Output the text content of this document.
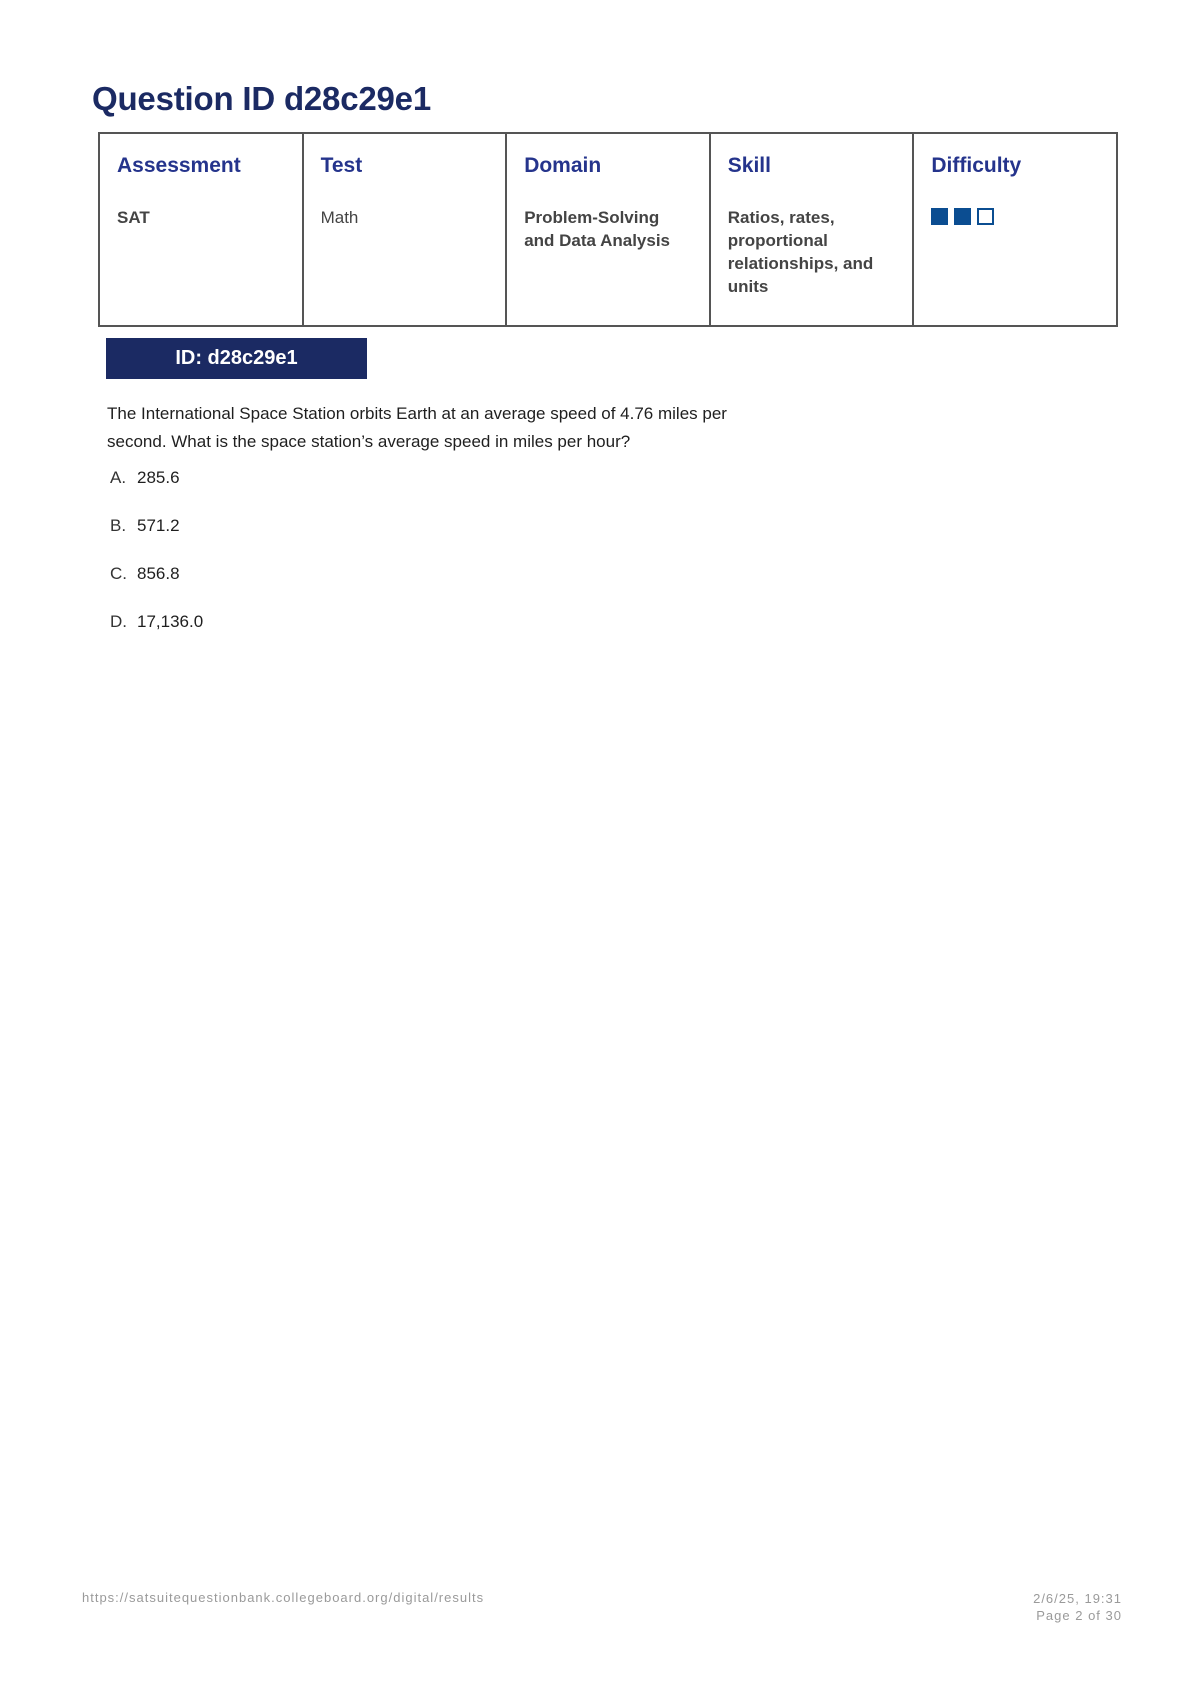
Question ID d28c29e1
Assessment
SAT

Test
Math

Domain
Problem-Solving and Data Analysis

Skill
Ratios, rates, proportional relationships, and units

Difficulty
ID: d28c29e1

The International Space Station orbits Earth at an average speed of 4.76 miles per second. What is the space station’s average speed in miles per hour?

A. 285.6
B. 571.2
C. 856.8
D. 17,136.0
https://satsuitequestionbank.collegeboard.org/digital/results	2/6/25, 19:31
Page 2 of 30
